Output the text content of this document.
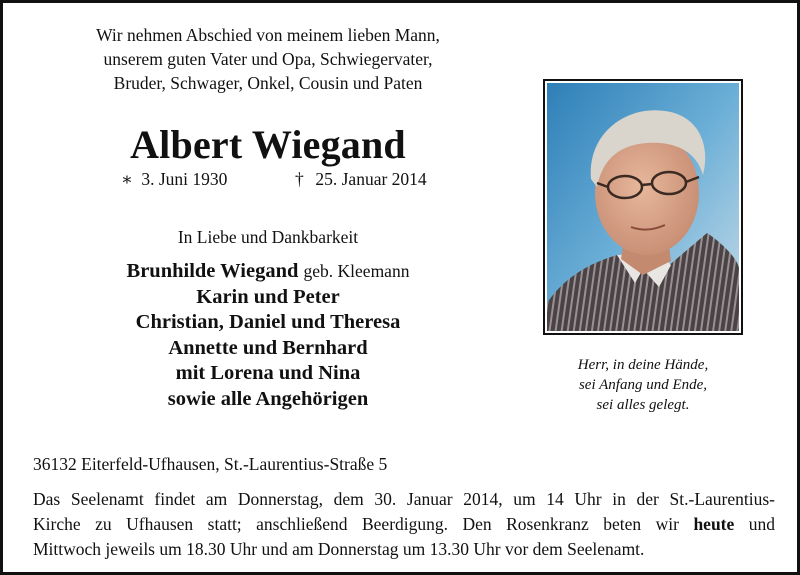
Wir nehmen Abschied von meinem lieben Mann,
unserem guten Vater und Opa, Schwiegervater,
Bruder, Schwager, Onkel, Cousin und Paten
Albert Wiegand
∗ 3. Juni 1930	† 25. Januar 2014
In Liebe und Dankbarkeit
Brunhilde Wiegand geb. Kleemann
Karin und Peter
Christian, Daniel und Theresa
Annette und Bernhard
mit Lorena und Nina
sowie alle Angehörigen
Herr, in deine Hände,
sei Anfang und Ende,
sei alles gelegt.
36132 Eiterfeld-Ufhausen, St.-Laurentius-Straße 5
Das Seelenamt findet am Donnerstag, dem 30. Januar 2014, um 14 Uhr in der St.-Laurentius-
Kirche zu Ufhausen statt; anschließend Beerdigung. Den Rosenkranz beten wir heute und
Mittwoch jeweils um 18.30 Uhr und am Donnerstag um 13.30 Uhr vor dem Seelenamt.
